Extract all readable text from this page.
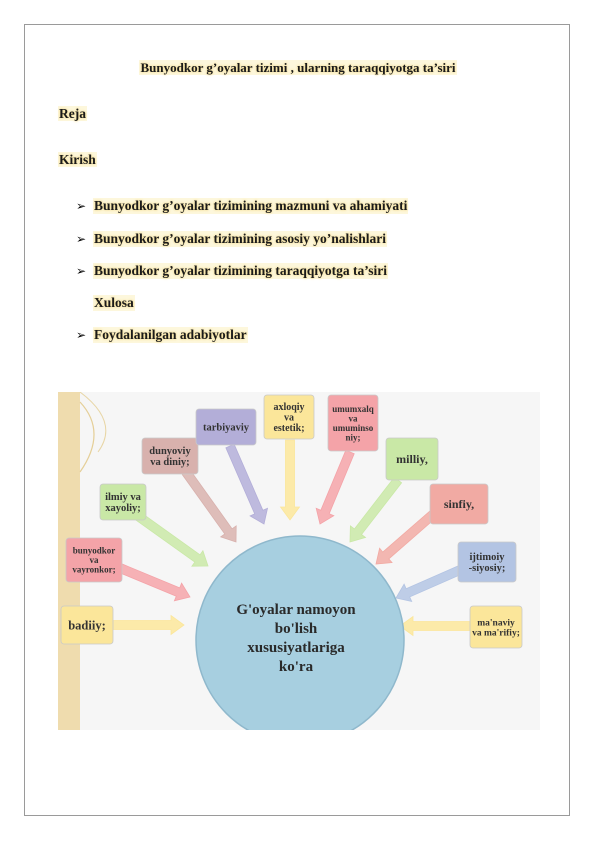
Bunyodkor g’oyalar tizimi , ularning taraqqiyotga ta’siri
Reja
Kirish
➢ Bunyodkor g’oyalar tizimining mazmuni va ahamiyati
➢ Bunyodkor g’oyalar tizimining asosiy yo’nalishlari
➢ Bunyodkor g’oyalar tizimining taraqqiyotga ta’siri
Xulosa
➢ Foydalanilgan adabiyotlar
G'oyalar namoyon
bo'lish
xususiyatlariga
ko'ra
badiiy;
bunyodkor
va
vayronkor;
ilmiy va
xayoliy;
dunyoviy
va diniy;
tarbiyaviy
axloqiy
va
estetik;
umumxalq
va
umuminso
niy;
milliy,
sinfiy,
ijtimoiy
-siyosiy;
ma'naviy
va ma'rifiy;
